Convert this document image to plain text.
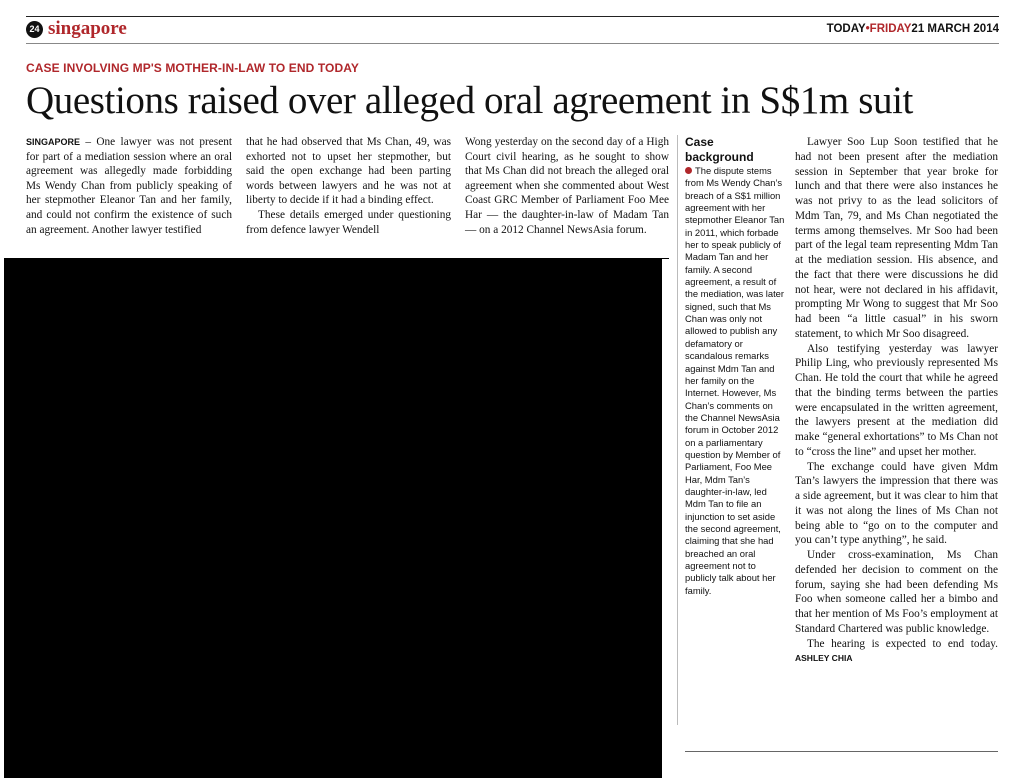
24 singapore	TODAY•FRIDAY21 MARCH 2014
CASE INVOLVING MP'S MOTHER-IN-LAW TO END TODAY
Questions raised over alleged oral agreement in S$1m suit

SINGAPORE – One lawyer was not present for part of a mediation session where an oral agreement was allegedly made forbidding Ms Wendy Chan from publicly speaking of her stepmother Eleanor Tan and her family, and could not confirm the existence of such an agreement. Another lawyer testified

that he had observed that Ms Chan, 49, was exhorted not to upset her stepmother, but said the open exchange had been parting words between lawyers and he was not at liberty to decide if it had a binding effect.

These details emerged under questioning from defence lawyer Wendell

Wong yesterday on the second day of a High Court civil hearing, as he sought to show that Ms Chan did not breach the alleged oral agreement when she commented about West Coast GRC Member of Parliament Foo Mee Har — the daughter-in-law of Madam Tan — on a 2012 Channel NewsAsia forum.

Case background
The dispute stems from Ms Wendy Chan’s breach of a S$1 million agreement with her stepmother Eleanor Tan in 2011, which forbade her to speak publicly of Madam Tan and her family. A second agreement, a result of the mediation, was later signed, such that Ms Chan was only not allowed to publish any defamatory or scandalous remarks against Mdm Tan and her family on the Internet. However, Ms Chan’s comments on the Channel NewsAsia forum in October 2012 on a parliamentary question by Member of Parliament, Foo Mee Har, Mdm Tan’s daughter-in-law, led Mdm Tan to file an injunction to set aside the second agreement, claiming that she had breached an oral agreement not to publicly talk about her family.

Lawyer Soo Lup Soon testified that he had not been present after the mediation session in September that year broke for lunch and that there were also instances he was not privy to as the lead solicitors of Mdm Tan, 79, and Ms Chan negotiated the terms among themselves. Mr Soo had been part of the legal team representing Mdm Tan at the mediation session. His absence, and the fact that there were discussions he did not hear, were not declared in his affidavit, prompting Mr Wong to suggest that Mr Soo had been “a little casual” in his sworn statement, to which Mr Soo disagreed.

Also testifying yesterday was lawyer Philip Ling, who previously represented Ms Chan. He told the court that while he agreed that the binding terms between the parties were encapsulated in the written agreement, the lawyers present at the mediation did make “general exhortations” to Ms Chan not to “cross the line” and upset her mother.

The exchange could have given Mdm Tan’s lawyers the impression that there was a side agreement, but it was clear to him that it was not along the lines of Ms Chan not being able to “go on to the computer and you can’t type anything”, he said.

Under cross-examination, Ms Chan defended her decision to comment on the forum, saying she had been defending Ms Foo when someone called her a bimbo and that her mention of Ms Foo’s employment at Standard Chartered was public knowledge.

The hearing is expected to end today. ASHLEY CHIA
